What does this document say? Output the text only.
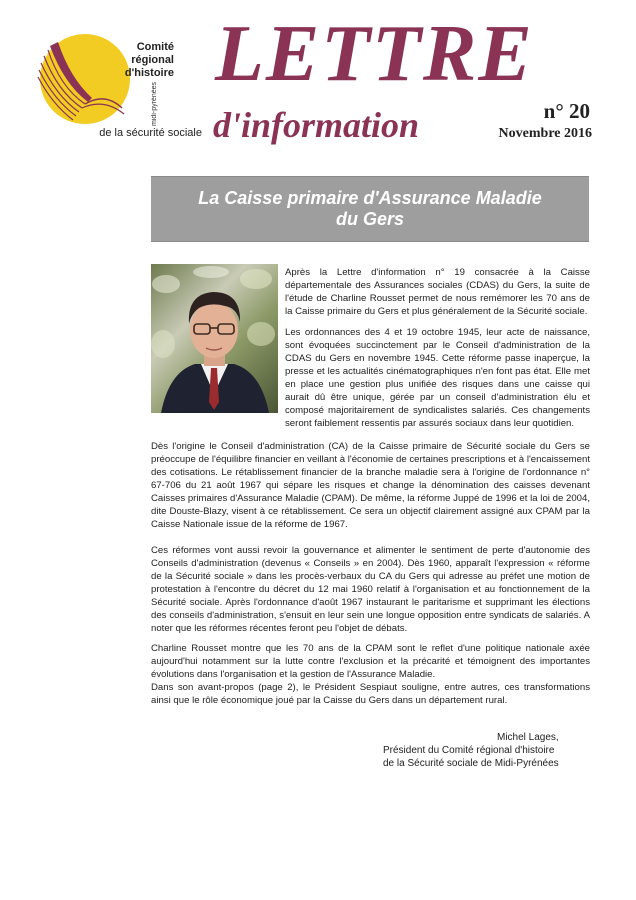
Comité
régional
d'histoire
de la sécurité sociale
midi-pyrénées
LETTRE
d'information	n° 20
Novembre 2016
La Caisse primaire d'Assurance Maladie
du Gers

Après la Lettre d'information n° 19 consacrée à la Caisse départementale des Assurances sociales (CDAS) du Gers, la suite de l'étude de Charline Rousset permet de nous remémorer les 70 ans de la Caisse primaire du Gers et plus généralement de la Sécurité sociale.

Les ordonnances des 4 et 19 octobre 1945, leur acte de naissance, sont évoquées succinctement par le Conseil d'administration de la CDAS du Gers en novembre 1945. Cette réforme passe inaperçue, la presse et les actualités cinématographiques n'en font pas état. Elle met en place une gestion plus unifiée des risques dans une caisse qui aurait dû être unique, gérée par un conseil d'administration élu et composé majoritairement de syndicalistes salariés. Ces changements seront faiblement ressentis par assurés sociaux dans leur quotidien.

Dès l'origine le Conseil d'administration (CA) de la Caisse primaire de Sécurité sociale du Gers se préoccupe de l'équilibre financier en veillant à l'économie de certaines prescriptions et à l'encaissement des cotisations. Le rétablissement financier de la branche maladie sera à l'origine de l'ordonnance n° 67-706 du 21 août 1967 qui sépare les risques et change la dénomination des caisses devenant Caisses primaires d'Assurance Maladie (CPAM). De même, la réforme Juppé de 1996 et la loi de 2004, dite Douste-Blazy, visent à ce rétablissement. Ce sera un objectif clairement assigné aux CPAM par la Caisse Nationale issue de la réforme de 1967.

Ces réformes vont aussi revoir la gouvernance et alimenter le sentiment de perte d'autonomie des Conseils d'administration (devenus « Conseils » en 2004). Dès 1960, apparaît l'expression « réforme de la Sécurité sociale » dans les procès-verbaux du CA du Gers qui adresse au préfet une motion de protestation à l'encontre du décret du 12 mai 1960 relatif à l'organisation et au fonctionnement de la Sécurité sociale. Après l'ordonnance d'août 1967 instaurant le paritarisme et supprimant les élections des conseils d'administration, s'ensuit en leur sein une longue opposition entre syndicats de salariés. A noter que les réformes récentes feront peu l'objet de débats.

Charline Rousset montre que les 70 ans de la CPAM sont le reflet d'une politique nationale axée aujourd'hui notamment sur la lutte contre l'exclusion et la précarité et témoignent des importantes évolutions dans l'organisation et la gestion de l'Assurance Maladie.

Dans son avant-propos (page 2), le Président Sespiaut souligne, entre autres, ces transformations ainsi que le rôle économique joué par la Caisse du Gers dans un département rural.

Michel Lages,
Président du Comité régional d'histoire
de la Sécurité sociale de Midi-Pyrénées
